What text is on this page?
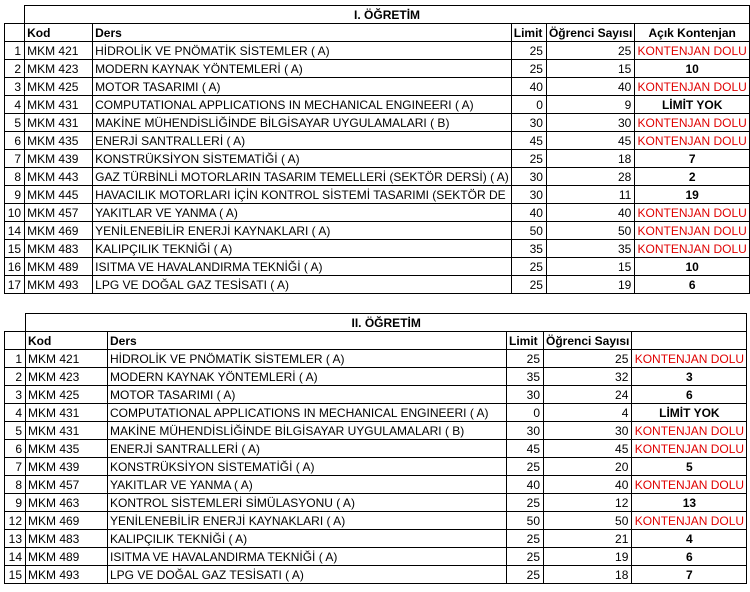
	I. ÖĞRETİM				
	Kod	Ders	Limit	Öğrenci Sayısı	Açık Kontenjan
1	MKM 421	HİDROLİK VE PNÖMATİK SİSTEMLER ( A)	25	25	KONTENJAN DOLU
2	MKM 423	MODERN KAYNAK YÖNTEMLERİ ( A)	25	15	10
3	MKM 425	MOTOR TASARIMI ( A)	40	40	KONTENJAN DOLU
4	MKM 431	COMPUTATIONAL APPLICATIONS IN MECHANICAL ENGINEERI ( A)	0	9	LİMİT YOK
5	MKM 431	MAKİNE MÜHENDİSLİĞİNDE BİLGİSAYAR UYGULAMALARI ( B)	30	30	KONTENJAN DOLU
6	MKM 435	ENERJİ SANTRALLERİ ( A)	45	45	KONTENJAN DOLU
7	MKM 439	KONSTRÜKSİYON SİSTEMATİĞİ ( A)	25	18	7
8	MKM 443	GAZ TÜRBİNLİ MOTORLARIN TASARIM TEMELLERİ (SEKTÖR DERSİ) ( A)	30	28	2
9	MKM 445	HAVACILIK MOTORLARI İÇİN KONTROL SİSTEMİ TASARIMI (SEKTÖR DE	30	11	19
10	MKM 457	YAKITLAR VE YANMA ( A)	40	40	KONTENJAN DOLU
14	MKM 469	YENİLENEBİLİR ENERJİ KAYNAKLARI ( A)	50	50	KONTENJAN DOLU
15	MKM 483	KALIPÇILIK TEKNİĞİ ( A)	35	35	KONTENJAN DOLU
16	MKM 489	ISITMA VE HAVALANDIRMA TEKNİĞİ ( A)	25	15	10
17	MKM 493	LPG VE DOĞAL GAZ TESİSATI ( A)	25	19	6
	II. ÖĞRETİM				
	Kod	Ders	Limit	Öğrenci Sayısı	
1	MKM 421	HİDROLİK VE PNÖMATİK SİSTEMLER ( A)	25	25	KONTENJAN DOLU
2	MKM 423	MODERN KAYNAK YÖNTEMLERİ ( A)	35	32	3
3	MKM 425	MOTOR TASARIMI ( A)	30	24	6
4	MKM 431	COMPUTATIONAL APPLICATIONS IN MECHANICAL ENGINEERI ( A)	0	4	LİMİT YOK
5	MKM 431	MAKİNE MÜHENDİSLİĞİNDE BİLGİSAYAR UYGULAMALARI ( B)	30	30	KONTENJAN DOLU
6	MKM 435	ENERJİ SANTRALLERİ ( A)	45	45	KONTENJAN DOLU
7	MKM 439	KONSTRÜKSİYON SİSTEMATİĞİ ( A)	25	20	5
8	MKM 457	YAKITLAR VE YANMA ( A)	40	40	KONTENJAN DOLU
9	MKM 463	KONTROL SİSTEMLERİ SİMÜLASYONU ( A)	25	12	13
12	MKM 469	YENİLENEBİLİR ENERJİ KAYNAKLARI ( A)	50	50	KONTENJAN DOLU
13	MKM 483	KALIPÇILIK TEKNİĞİ ( A)	25	21	4
14	MKM 489	ISITMA VE HAVALANDIRMA TEKNİĞİ ( A)	25	19	6
15	MKM 493	LPG VE DOĞAL GAZ TESİSATI ( A)	25	18	7
